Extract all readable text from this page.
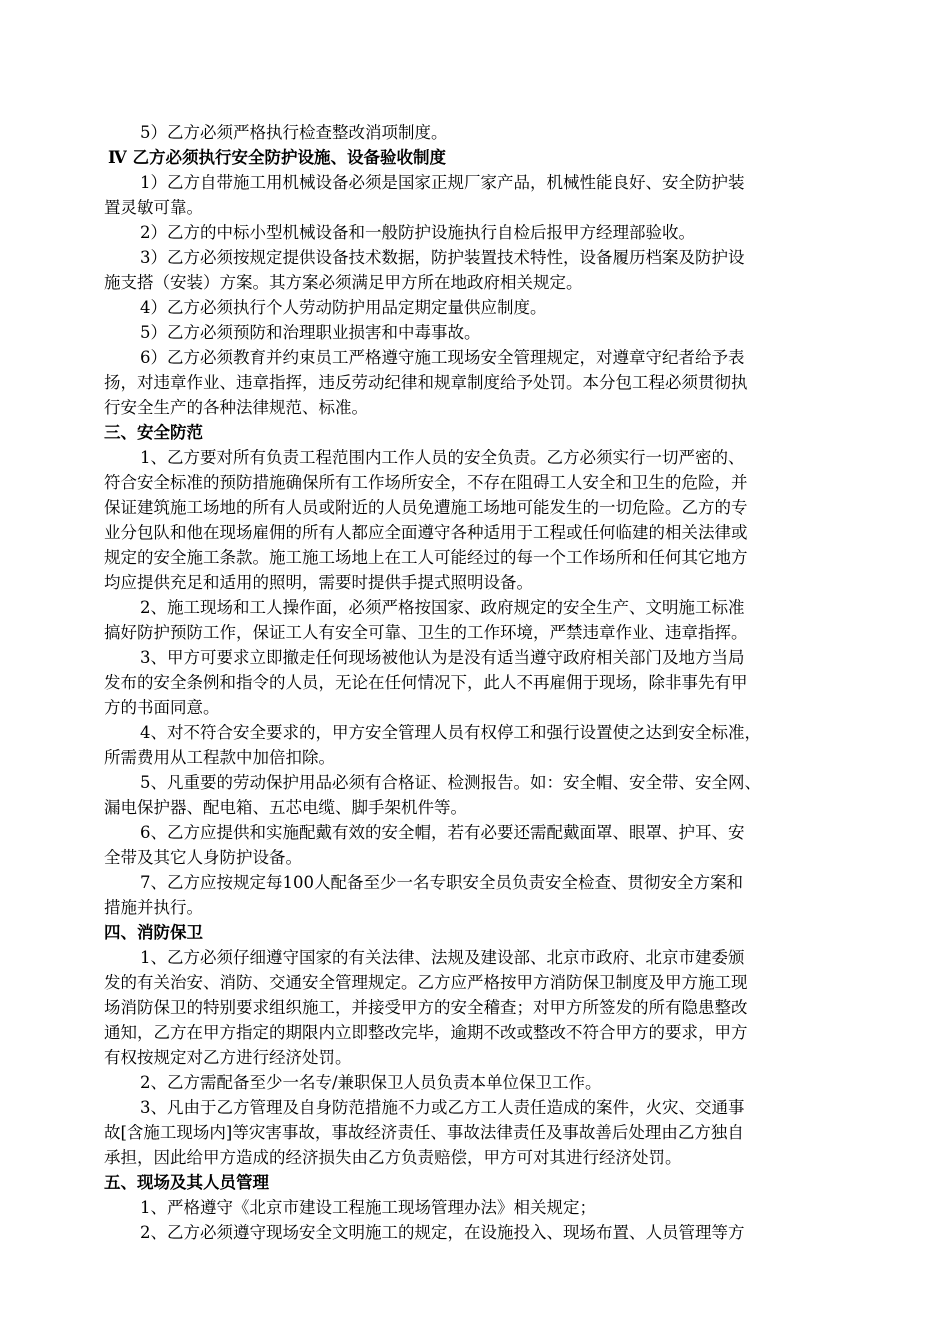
5）乙方必须严格执行检查整改消项制度。
Ⅳ 乙方必须执行安全防护设施、设备验收制度
1）乙方自带施工用机械设备必须是国家正规厂家产品，机械性能良好、安全防护装
置灵敏可靠。
2）乙方的中标小型机械设备和一般防护设施执行自检后报甲方经理部验收。
3）乙方必须按规定提供设备技术数据，防护装置技术特性，设备履历档案及防护设
施支搭（安装）方案。其方案必须满足甲方所在地政府相关规定。
4）乙方必须执行个人劳动防护用品定期定量供应制度。
5）乙方必须预防和治理职业损害和中毒事故。
6）乙方必须教育并约束员工严格遵守施工现场安全管理规定，对遵章守纪者给予表
扬，对违章作业、违章指挥，违反劳动纪律和规章制度给予处罚。本分包工程必须贯彻执
行安全生产的各种法律规范、标准。
三、安全防范
1、乙方要对所有负责工程范围内工作人员的安全负责。乙方必须实行一切严密的、
符合安全标准的预防措施确保所有工作场所安全，不存在阻碍工人安全和卫生的危险，并
保证建筑施工场地的所有人员或附近的人员免遭施工场地可能发生的一切危险。乙方的专
业分包队和他在现场雇佣的所有人都应全面遵守各种适用于工程或任何临建的相关法律或
规定的安全施工条款。施工施工场地上在工人可能经过的每一个工作场所和任何其它地方
均应提供充足和适用的照明，需要时提供手提式照明设备。
2、施工现场和工人操作面，必须严格按国家、政府规定的安全生产、文明施工标准
搞好防护预防工作，保证工人有安全可靠、卫生的工作环境，严禁违章作业、违章指挥。
3、甲方可要求立即撤走任何现场被他认为是没有适当遵守政府相关部门及地方当局
发布的安全条例和指令的人员，无论在任何情况下，此人不再雇佣于现场，除非事先有甲
方的书面同意。
4、对不符合安全要求的，甲方安全管理人员有权停工和强行设置使之达到安全标准，
所需费用从工程款中加倍扣除。
5、凡重要的劳动保护用品必须有合格证、检测报告。如：安全帽、安全带、安全网、
漏电保护器、配电箱、五芯电缆、脚手架机件等。
6、乙方应提供和实施配戴有效的安全帽，若有必要还需配戴面罩、眼罩、护耳、安
全带及其它人身防护设备。
7、乙方应按规定每100人配备至少一名专职安全员负责安全检查、贯彻安全方案和
措施并执行。
四、消防保卫
1、乙方必须仔细遵守国家的有关法律、法规及建设部、北京市政府、北京市建委颁
发的有关治安、消防、交通安全管理规定。乙方应严格按甲方消防保卫制度及甲方施工现
场消防保卫的特别要求组织施工，并接受甲方的安全稽查；对甲方所签发的所有隐患整改
通知，乙方在甲方指定的期限内立即整改完毕，逾期不改或整改不符合甲方的要求，甲方
有权按规定对乙方进行经济处罚。
2、乙方需配备至少一名专/兼职保卫人员负责本单位保卫工作。
3、凡由于乙方管理及自身防范措施不力或乙方工人责任造成的案件，火灾、交通事
故[含施工现场内]等灾害事故，事故经济责任、事故法律责任及事故善后处理由乙方独自
承担，因此给甲方造成的经济损失由乙方负责赔偿，甲方可对其进行经济处罚。
五、现场及其人员管理
1、严格遵守《北京市建设工程施工现场管理办法》相关规定；
2、乙方必须遵守现场安全文明施工的规定，在设施投入、现场布置、人员管理等方
